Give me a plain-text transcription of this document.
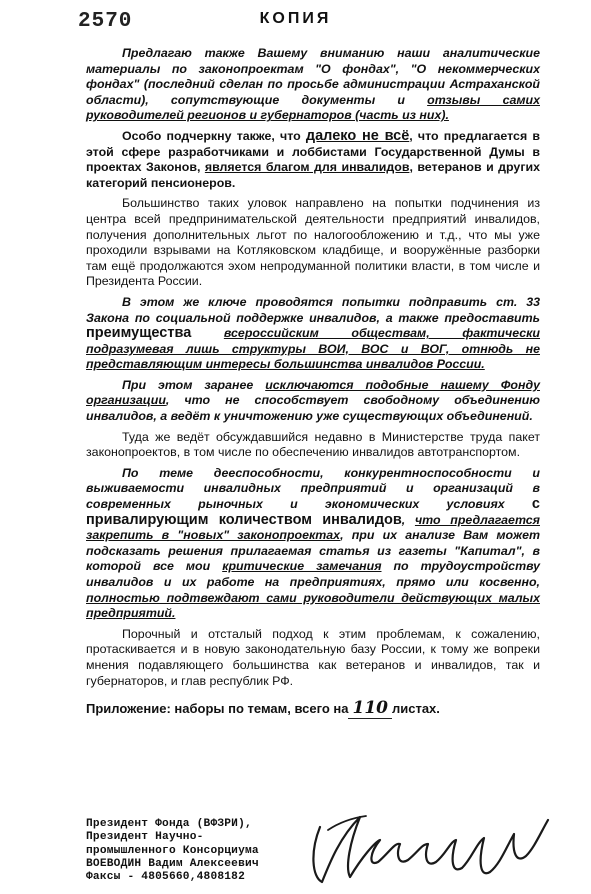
2570	КОПИЯ

Предлагаю также Вашему вниманию наши аналитические материалы по законопроектам "О фондах", "О некоммерческих фондах" (последний сделан по просьбе администрации Астраханской области), сопутствующие документы и отзывы самих руководителей регионов и губернаторов (часть из них).

Особо подчеркну также, что далеко не всё, что предлагается в этой сфере разработчиками и лоббистами Государственной Думы в проектах Законов, является благом для инвалидов, ветеранов и других категорий пенсионеров.

Большинство таких уловок направлено на попытки подчинения из центра всей предпринимательской деятельности предприятий инвалидов, получения дополнительных льгот по налогообложению и т.д., что мы уже проходили взрывами на Котляковском кладбище, и вооружённые разборки там ещё продолжаются эхом непродуманной политики власти, в том числе и Президента России.

В этом же ключе проводятся попытки подправить ст. 33 Закона по социальной поддержке инвалидов, а также предоставить преимущества	всероссийским обществам, фактически подразумевая лишь структуры ВОИ, ВОС и ВОГ, отнюдь не представляющим интересы большинства инвалидов России.

При этом заранее исключаются подобные нашему Фонду организации, что не способствует свободному объединению инвалидов, а ведёт к уничтожению уже существующих объединений.

Туда же ведёт обсуждавшийся недавно в Министерстве труда пакет законопроектов, в том числе по обеспечению инвалидов автотранспортом.

По теме дееспособности, конкурентноспособности и выживаемости инвалидных предприятий и организаций в современных рыночных и экономических условиях с привалирующим количеством инвалидов, что предлагается закрепить в "новых" законопроектах, при их анализе Вам может подсказать решения прилагаемая статья из газеты "Капитал", в которой все мои критические замечания по трудоустройству инвалидов и их работе на предприятиях, прямо или косвенно, полностью подтвеждают сами руководители действующих малых предприятий.

Порочный и отсталый подход к этим проблемам, к сожалению, протаскивается и в новую законодательную базу России, к тому же вопреки мнения подавляющего большинства как ветеранов и инвалидов, так и губернаторов, и глав республик РФ.

Приложение: наборы по темам, всего на 110 листах.
Президент Фонда (ВФЗРИ),
Президент Научно-
промышленного Консорциума
ВОЕВОДИН Вадим Алексеевич
Факсы - 4805660,4808182
